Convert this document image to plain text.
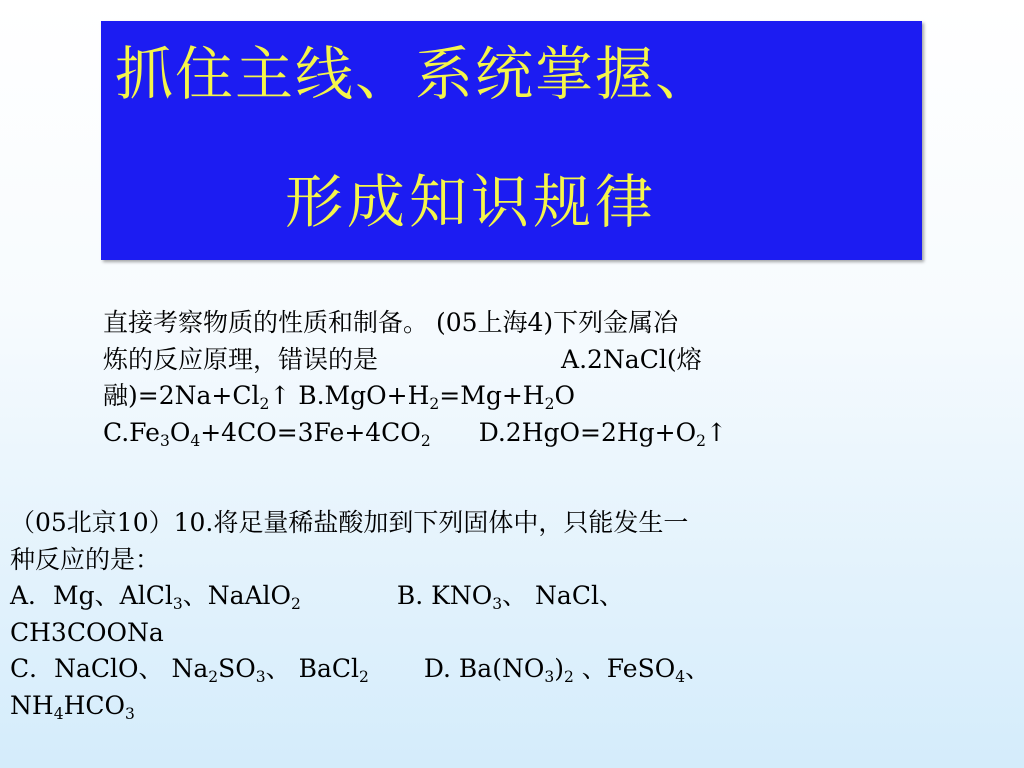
抓住主线、系统掌握、
形成知识规律
直接考察物质的性质和制备。 (05上海4)下列金属冶
炼的反应原理，错误的是	A.2NaCl(熔
融)$=2Na+Cl_2↑$ $B.MgO+H_2=Mg+H_2O$
$C.Fe_3O_4+4CO=3Fe+4CO_2$ $D.2HgO=2Hg+O_2↑$
（05北京10）10.将足量稀盐酸加到下列固体中，只能发生一
种反应的是：
A．Mg、AlCl$_3$、NaAlO$_2$	B. $KNO_3$、 NaCl、
CH3COONa
C．NaClO、 $Na_2SO_3$、 BaCl$_2$ D. $Ba(NO_3)_2$ 、FeSO$_4$、
$NH_4HCO_3$
